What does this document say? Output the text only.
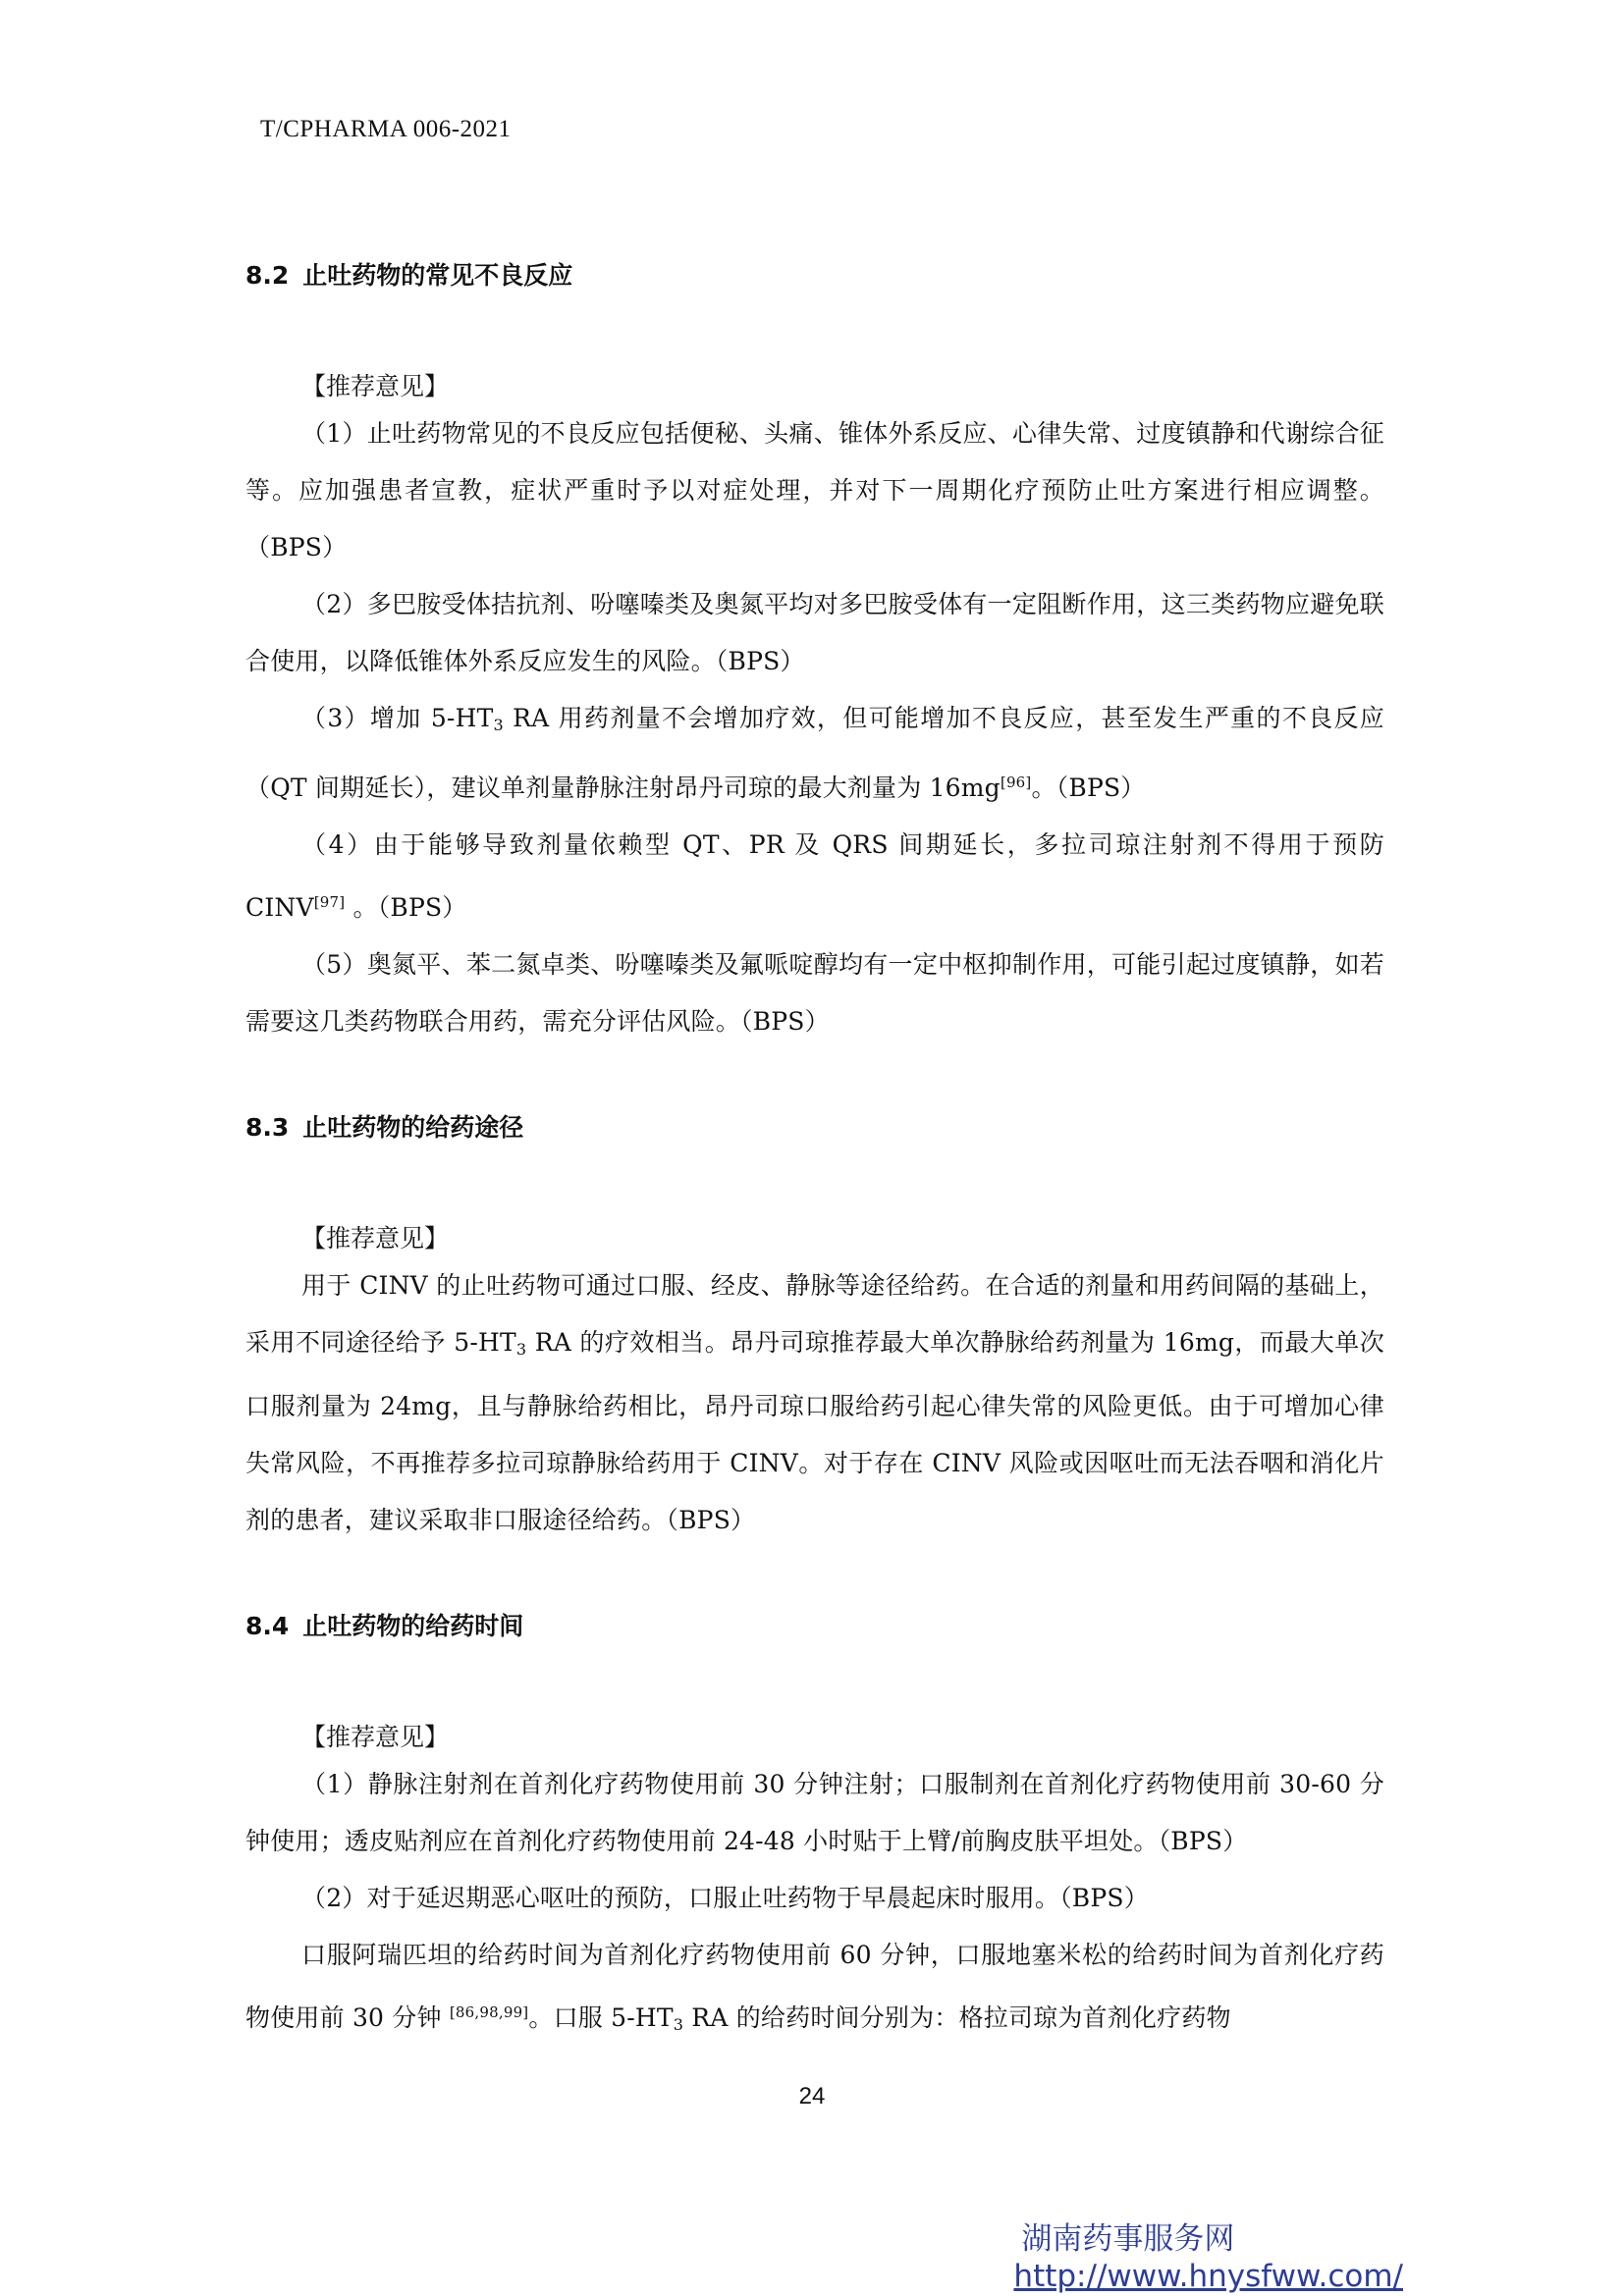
T/CPHARMA 006-2021
8.2 止吐药物的常见不良反应

【推荐意见】

（1）止吐药物常见的不良反应包括便秘、头痛、锥体外系反应、心律失常、过度镇静和代谢综合征等。应加强患者宣教，症状严重时予以对症处理，并对下一周期化疗预防止吐方案进行相应调整。（BPS）

（2）多巴胺受体拮抗剂、吩噻嗪类及奥氮平均对多巴胺受体有一定阻断作用，这三类药物应避免联合使用，以降低锥体外系反应发生的风险。（BPS）

（3）增加 $5-HT_3$ RA 用药剂量不会增加疗效，但可能增加不良反应，甚至发生严重的不良反应（QT 间期延长），建议单剂量静脉注射昂丹司琼的最大剂量为 16mg[96]。（BPS）

（4）由于能够导致剂量依赖型 QT、PR 及 QRS 间期延长，多拉司琼注射剂不得用于预防 CINV[97] 。（BPS）

（5）奥氮平、苯二氮卓类、吩噻嗪类及氟哌啶醇均有一定中枢抑制作用，可能引起过度镇静，如若需要这几类药物联合用药，需充分评估风险。（BPS）

8.3 止吐药物的给药途径

【推荐意见】

用于 CINV 的止吐药物可通过口服、经皮、静脉等途径给药。在合适的剂量和用药间隔的基础上，采用不同途径给予 $5-HT_3$ RA 的疗效相当。昂丹司琼推荐最大单次静脉给药剂量为 16mg，而最大单次口服剂量为 24mg，且与静脉给药相比，昂丹司琼口服给药引起心律失常的风险更低。由于可增加心律失常风险，不再推荐多拉司琼静脉给药用于 CINV。对于存在 CINV 风险或因呕吐而无法吞咽和消化片剂的患者，建议采取非口服途径给药。（BPS）

8.4 止吐药物的给药时间

【推荐意见】

（1）静脉注射剂在首剂化疗药物使用前 30 分钟注射；口服制剂在首剂化疗药物使用前 30-60 分钟使用；透皮贴剂应在首剂化疗药物使用前 24-48 小时贴于上臂/前胸皮肤平坦处。（BPS）

（2）对于延迟期恶心呕吐的预防，口服止吐药物于早晨起床时服用。（BPS）

口服阿瑞匹坦的给药时间为首剂化疗药物使用前 60 分钟，口服地塞米松的给药时间为首剂化疗药物使用前 30 分钟 [86,98,99]。口服 $5-HT_3$ RA 的给药时间分别为：格拉司琼为首剂化疗药物

24
湖南药事服务网
http://www.hnysfww.com/
